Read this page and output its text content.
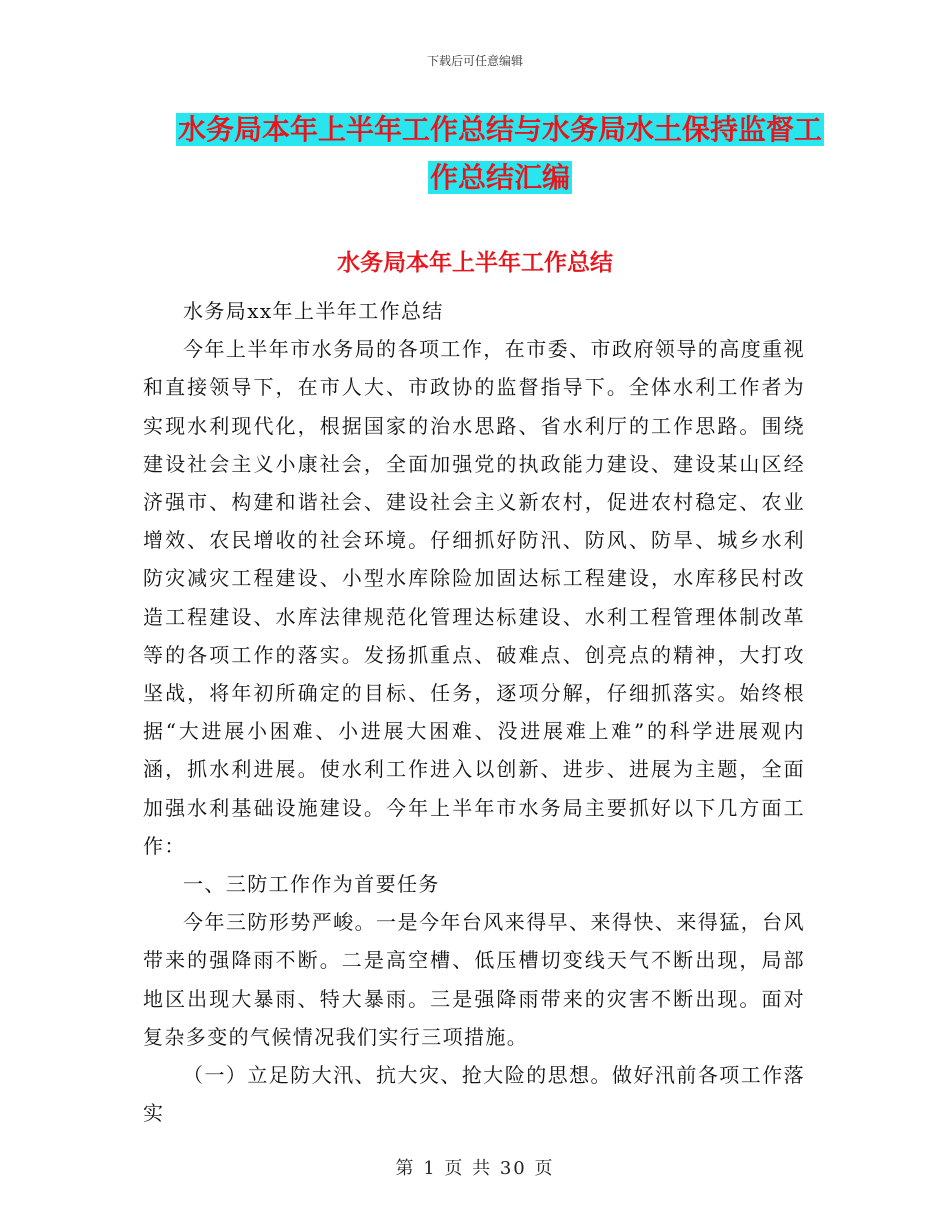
下载后可任意编辑
水务局本年上半年工作总结与水务局水土保持监督工
作总结汇编
水务局本年上半年工作总结

水务局xx年上半年工作总结

今年上半年市水务局的各项工作，在市委、市政府领导的高度重视和直接领导下，在市人大、市政协的监督指导下。全体水利工作者为实现水利现代化，根据国家的治水思路、省水利厅的工作思路。围绕建设社会主义小康社会，全面加强党的执政能力建设、建设某山区经济强市、构建和谐社会、建设社会主义新农村，促进农村稳定、农业增效、农民增收的社会环境。仔细抓好防汛、防风、防旱、城乡水利防灾减灾工程建设、小型水库除险加固达标工程建设，水库移民村改造工程建设、水库法律规范化管理达标建设、水利工程管理体制改革等的各项工作的落实。发扬抓重点、破难点、创亮点的精神，大打攻坚战，将年初所确定的目标、任务，逐项分解，仔细抓落实。始终根据“大进展小困难、小进展大困难、没进展难上难”的科学进展观内涵，抓水利进展。使水利工作进入以创新、进步、进展为主题，全面加强水利基础设施建设。今年上半年市水务局主要抓好以下几方面工作：

一、三防工作作为首要任务

今年三防形势严峻。一是今年台风来得早、来得快、来得猛，台风带来的强降雨不断。二是高空槽、低压槽切变线天气不断出现，局部地区出现大暴雨、特大暴雨。三是强降雨带来的灾害不断出现。面对复杂多变的气候情况我们实行三项措施。

（一）立足防大汛、抗大灾、抢大险的思想。做好汛前各项工作落实

第 1 页 共 30 页
